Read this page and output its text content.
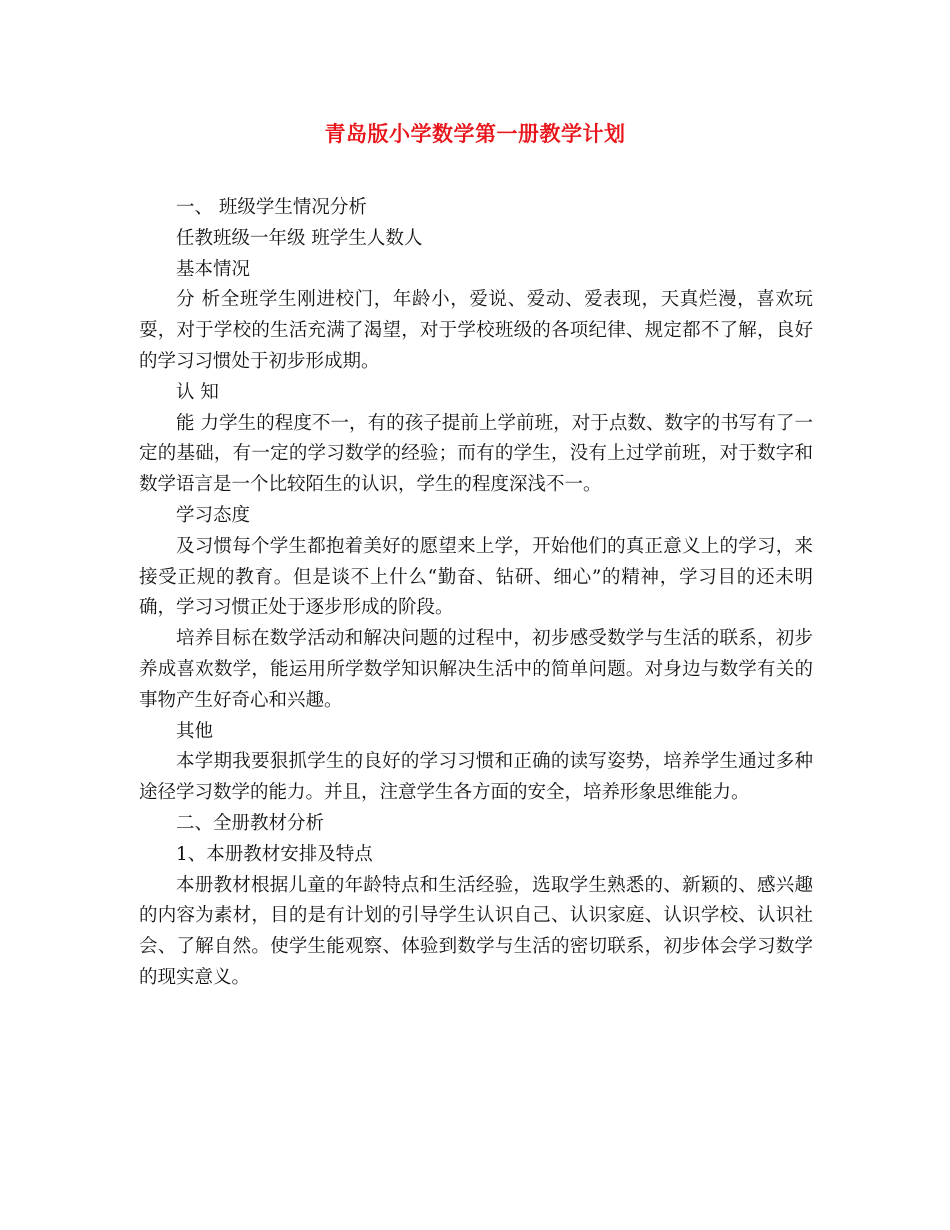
青岛版小学数学第一册教学计划

一、 班级学生情况分析

任教班级一年级 班学生人数人

基本情况

分 析全班学生刚进校门，年龄小，爱说、爱动、爱表现，天真烂漫，喜欢玩耍，对于学校的生活充满了渴望，对于学校班级的各项纪律、规定都不了解，良好的学习习惯处于初步形成期。

认 知

能 力学生的程度不一，有的孩子提前上学前班，对于点数、数字的书写有了一定的基础，有一定的学习数学的经验；而有的学生，没有上过学前班，对于数字和数学语言是一个比较陌生的认识，学生的程度深浅不一。

学习态度

及习惯每个学生都抱着美好的愿望来上学，开始他们的真正意义上的学习，来接受正规的教育。但是谈不上什么“勤奋、钻研、细心”的精神，学习目的还未明确，学习习惯正处于逐步形成的阶段。

培养目标在数学活动和解决问题的过程中，初步感受数学与生活的联系，初步养成喜欢数学，能运用所学数学知识解决生活中的简单问题。对身边与数学有关的事物产生好奇心和兴趣。

其他

本学期我要狠抓学生的良好的学习习惯和正确的读写姿势，培养学生通过多种途径学习数学的能力。并且，注意学生各方面的安全，培养形象思维能力。

二、全册教材分析

1、本册教材安排及特点

本册教材根据儿童的年龄特点和生活经验，选取学生熟悉的、新颖的、感兴趣的内容为素材，目的是有计划的引导学生认识自己、认识家庭、认识学校、认识社会、了解自然。使学生能观察、体验到数学与生活的密切联系，初步体会学习数学的现实意义。
